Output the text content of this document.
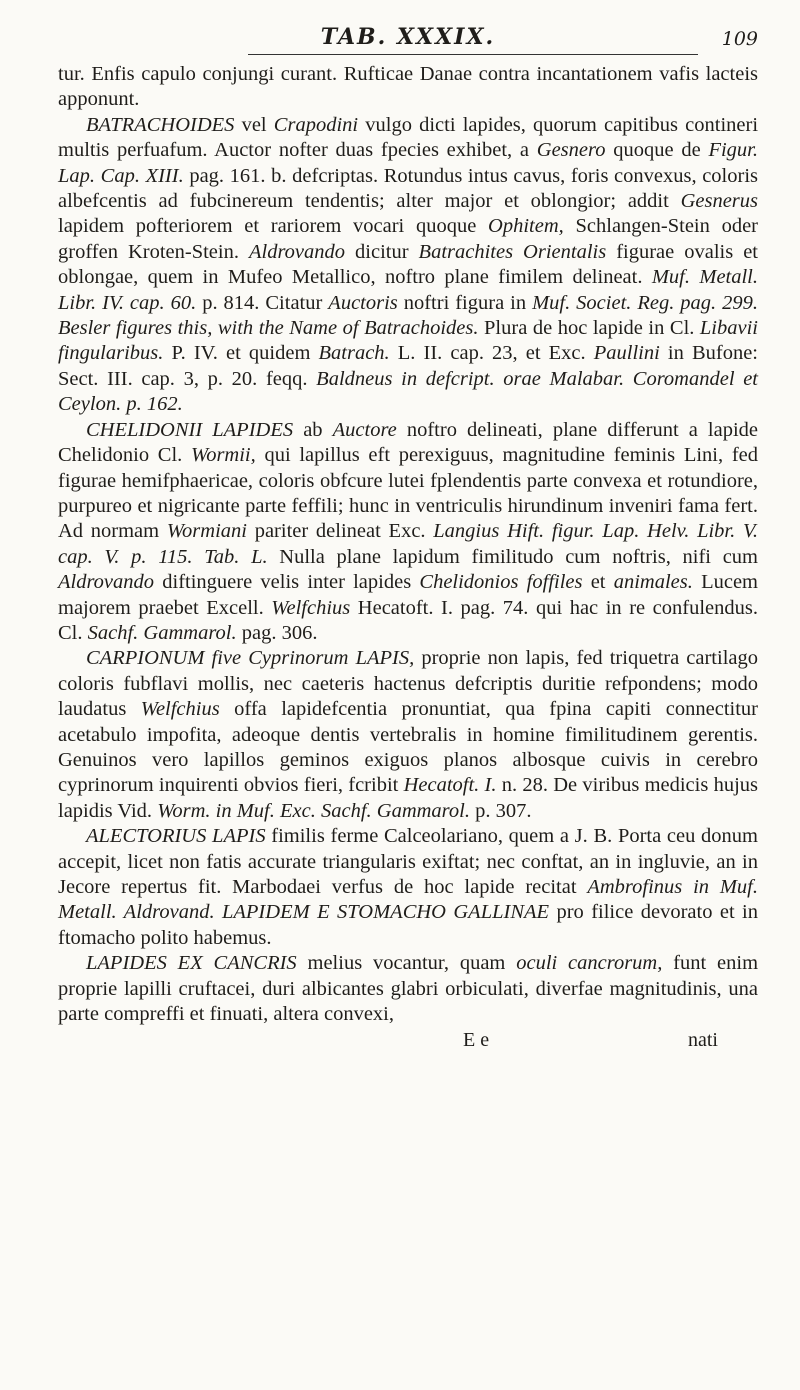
TAB. XXXIX.	109

tur. Enfis capulo conjungi curant. Rufticae Danae contra incantationem vafis lacteis apponunt.

BATRACHOIDES vel Crapodini vulgo dicti lapides, quorum capitibus contineri multis perfuafum. Auctor nofter duas fpecies exhibet, a Gesnero quoque de Figur. Lap. Cap. XIII. pag. 161. b. defcriptas. Rotundus intus cavus, foris convexus, coloris albefcentis ad fubcinereum tendentis; alter major et oblongior; addit Gesnerus lapidem pofteriorem et rariorem vocari quoque Ophitem, Schlangen-Stein oder groffen Kroten-Stein. Aldrovando dicitur Batrachites Orientalis figurae ovalis et oblongae, quem in Mufeo Metallico, noftro plane fimilem delineat. Muf. Metall. Libr. IV. cap. 60. p. 814. Citatur Auctoris noftri figura in Muf. Societ. Reg. pag. 299. Besler figures this, with the Name of Batrachoides. Plura de hoc lapide in Cl. Libavii fingularibus. P. IV. et quidem Batrach. L. II. cap. 23, et Exc. Paullini in Bufone: Sect. III. cap. 3, p. 20. feqq. Baldneus in defcript. orae Malabar. Coromandel et Ceylon. p. 162.

CHELIDONII LAPIDES ab Auctore noftro delineati, plane differunt a lapide Chelidonio Cl. Wormii, qui lapillus eft perexiguus, magnitudine feminis Lini, fed figurae hemifphaericae, coloris obfcure lutei fplendentis parte convexa et rotundiore, purpureo et nigricante parte feffili; hunc in ventriculis hirundinum inveniri fama fert. Ad normam Wormiani pariter delineat Exc. Langius Hift. figur. Lap. Helv. Libr. V. cap. V. p. 115. Tab. L. Nulla plane lapidum fimilitudo cum noftris, nifi cum Aldrovando diftinguere velis inter lapides Chelidonios foffiles et animales. Lucem majorem praebet Excell. Welfchius Hecatoft. I. pag. 74. qui hac in re confulendus. Cl. Sachf. Gammarol. pag. 306.

CARPIONUM five Cyprinorum LAPIS, proprie non lapis, fed triquetra cartilago coloris fubflavi mollis, nec caeteris hactenus defcriptis duritie refpondens; modo laudatus Welfchius offa lapidefcentia pronuntiat, qua fpina capiti connectitur acetabulo impofita, adeoque dentis vertebralis in homine fimilitudinem gerentis. Genuinos vero lapillos geminos exiguos planos albosque cuivis in cerebro cyprinorum inquirenti obvios fieri, fcribit Hecatoft. I. n. 28. De viribus medicis hujus lapidis Vid. Worm. in Muf. Exc. Sachf. Gammarol. p. 307.

ALECTORIUS LAPIS fimilis ferme Calceolariano, quem a J. B. Porta ceu donum accepit, licet non fatis accurate triangularis exiftat; nec conftat, an in ingluvie, an in Jecore repertus fit. Marbodaei verfus de hoc lapide recitat Ambrofinus in Muf. Metall. Aldrovand. LAPIDEM E STOMACHO GALLINAE pro filice devorato et in ftomacho polito habemus.

LAPIDES EX CANCRIS melius vocantur, quam oculi cancrorum, funt enim proprie lapilli cruftacei, duri albicantes glabri orbiculati, diverfae magnitudinis, una parte compreffi et finuati, altera convexi,

E e	nati
